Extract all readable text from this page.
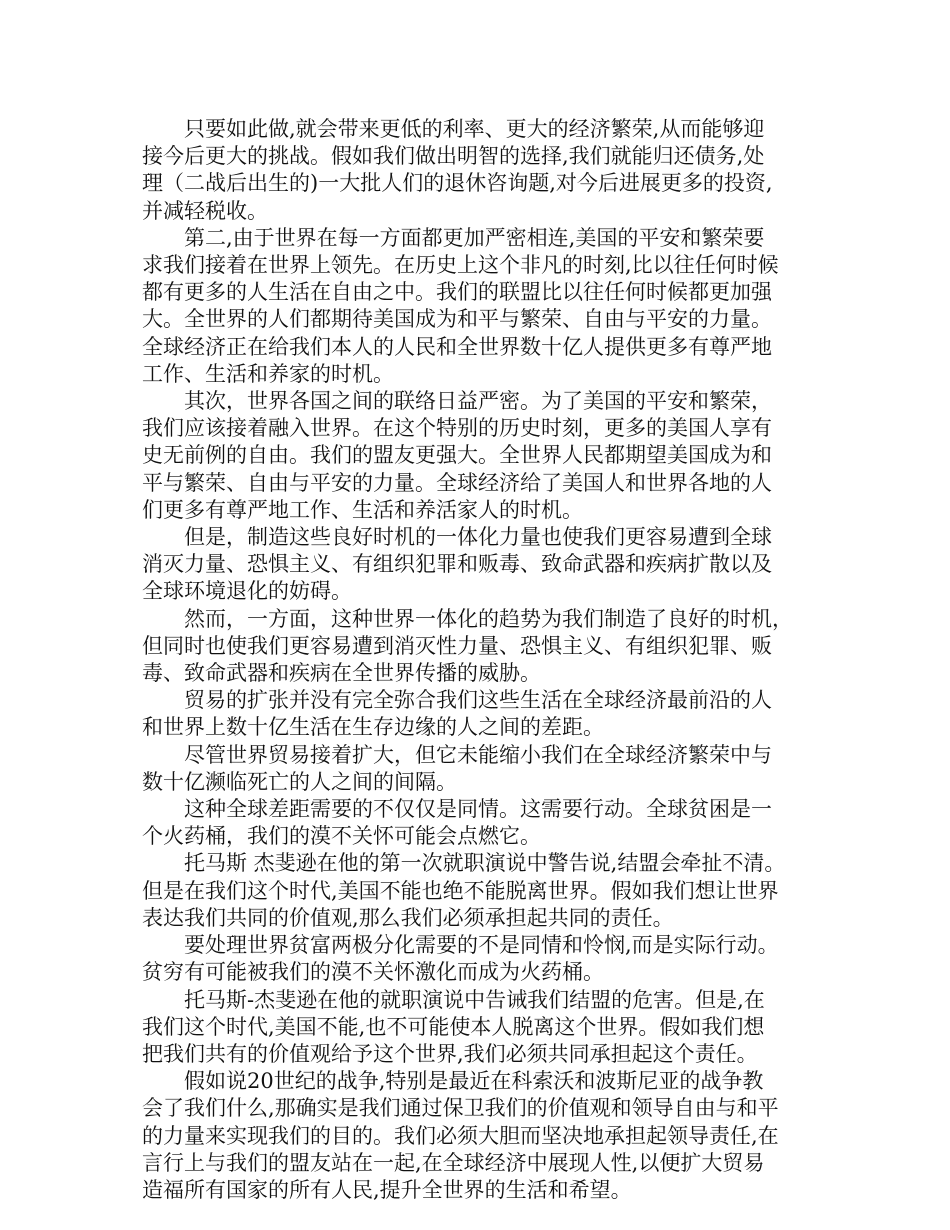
只要如此做,就会带来更低的利率、更大的经济繁荣,从而能够迎
接今后更大的挑战。假如我们做出明智的选择,我们就能归还债务,处
理（二战后出生的)一大批人们的退休咨询题,对今后进展更多的投资,
并减轻税收。
第二,由于世界在每一方面都更加严密相连,美国的平安和繁荣要
求我们接着在世界上领先。在历史上这个非凡的时刻,比以往任何时候
都有更多的人生活在自由之中。我们的联盟比以往任何时候都更加强
大。全世界的人们都期待美国成为和平与繁荣、自由与平安的力量。
全球经济正在给我们本人的人民和全世界数十亿人提供更多有尊严地
工作、生活和养家的时机。
其次，世界各国之间的联络日益严密。为了美国的平安和繁荣，
我们应该接着融入世界。在这个特别的历史时刻，更多的美国人享有
史无前例的自由。我们的盟友更强大。全世界人民都期望美国成为和
平与繁荣、自由与平安的力量。全球经济给了美国人和世界各地的人
们更多有尊严地工作、生活和养活家人的时机。
但是，制造这些良好时机的一体化力量也使我们更容易遭到全球
消灭力量、恐惧主义、有组织犯罪和贩毒、致命武器和疾病扩散以及
全球环境退化的妨碍。
然而，一方面，这种世界一体化的趋势为我们制造了良好的时机，
但同时也使我们更容易遭到消灭性力量、恐惧主义、有组织犯罪、贩
毒、致命武器和疾病在全世界传播的威胁。
贸易的扩张并没有完全弥合我们这些生活在全球经济最前沿的人
和世界上数十亿生活在生存边缘的人之间的差距。
尽管世界贸易接着扩大，但它未能缩小我们在全球经济繁荣中与
数十亿濒临死亡的人之间的间隔。
这种全球差距需要的不仅仅是同情。这需要行动。全球贫困是一
个火药桶，我们的漠不关怀可能会点燃它。
托马斯 杰斐逊在他的第一次就职演说中警告说,结盟会牵扯不清。
但是在我们这个时代,美国不能也绝不能脱离世界。假如我们想让世界
表达我们共同的价值观,那么我们必须承担起共同的责任。
要处理世界贫富两极分化需要的不是同情和怜悯,而是实际行动。
贫穷有可能被我们的漠不关怀激化而成为火药桶。
托马斯-杰斐逊在他的就职演说中告诫我们结盟的危害。但是,在
我们这个时代,美国不能,也不可能使本人脱离这个世界。假如我们想
把我们共有的价值观给予这个世界,我们必须共同承担起这个责任。
假如说20世纪的战争,特别是最近在科索沃和波斯尼亚的战争教
会了我们什么,那确实是我们通过保卫我们的价值观和领导自由与和平
的力量来实现我们的目的。我们必须大胆而坚决地承担起领导责任,在
言行上与我们的盟友站在一起,在全球经济中展现人性,以便扩大贸易
造福所有国家的所有人民,提升全世界的生活和希望。
